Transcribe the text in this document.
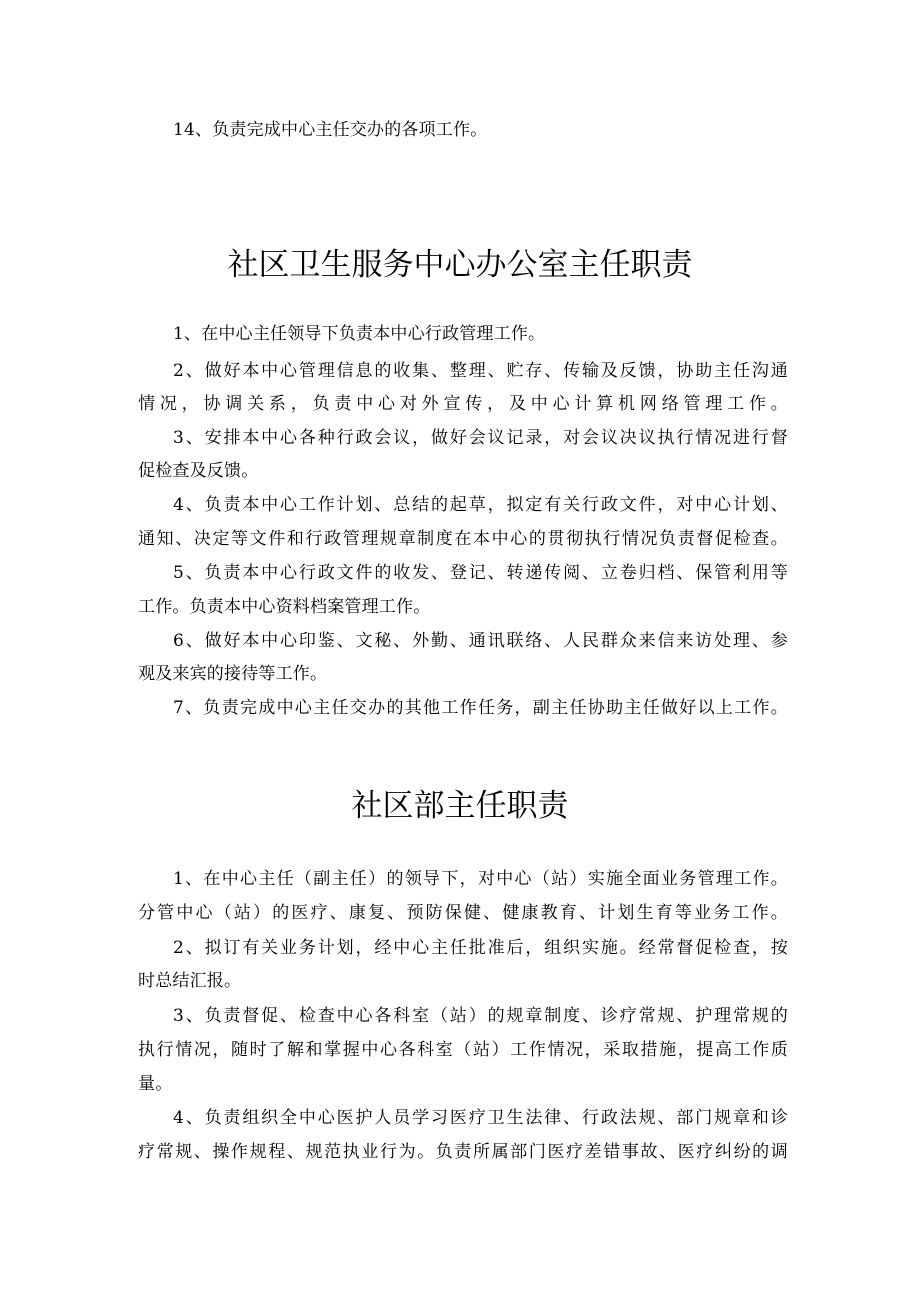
14、负责完成中心主任交办的各项工作。
社区卫生服务中心办公室主任职责
1、在中心主任领导下负责本中心行政管理工作。
2、做好本中心管理信息的收集、整理、贮存、传输及反馈，协助主任沟通
情况，协调关系，负责中心对外宣传，及中心计算机网络管理工作。
3、安排本中心各种行政会议，做好会议记录，对会议决议执行情况进行督
促检查及反馈。
4、负责本中心工作计划、总结的起草，拟定有关行政文件，对中心计划、
通知、决定等文件和行政管理规章制度在本中心的贯彻执行情况负责督促检查。
5、负责本中心行政文件的收发、登记、转递传阅、立卷归档、保管利用等
工作。负责本中心资料档案管理工作。
6、做好本中心印鉴、文秘、外勤、通讯联络、人民群众来信来访处理、参
观及来宾的接待等工作。
7、负责完成中心主任交办的其他工作任务，副主任协助主任做好以上工作。
社区部主任职责
1、在中心主任（副主任）的领导下，对中心（站）实施全面业务管理工作。
分管中心（站）的医疗、康复、预防保健、健康教育、计划生育等业务工作。
2、拟订有关业务计划，经中心主任批准后，组织实施。经常督促检查，按
时总结汇报。
3、负责督促、检查中心各科室（站）的规章制度、诊疗常规、护理常规的
执行情况，随时了解和掌握中心各科室（站）工作情况，采取措施，提高工作质
量。
4、负责组织全中心医护人员学习医疗卫生法律、行政法规、部门规章和诊
疗常规、操作规程、规范执业行为。负责所属部门医疗差错事故、医疗纠纷的调
